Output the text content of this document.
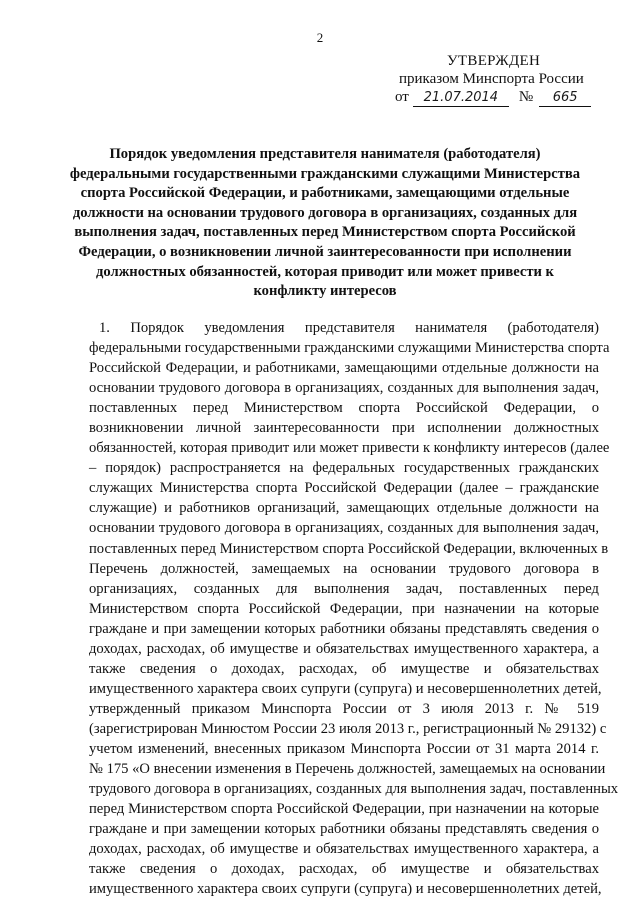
2
УТВЕРЖДЕН
приказом Минспорта России
от	21.07.2014	№	665
Порядок уведомления представителя нанимателя (работодателя)
федеральными государственными гражданскими служащими Министерства
спорта Российской Федерации, и работниками, замещающими отдельные
должности на основании трудового договора в организациях, созданных для
выполнения задач, поставленных перед Министерством спорта Российской
Федерации, о возникновении личной заинтересованности при исполнении
должностных обязанностей, которая приводит или может привести к
конфликту интересов
1. Порядок уведомления представителя нанимателя (работодателя)
федеральными государственными гражданскими служащими Министерства спорта
Российской Федерации, и работниками, замещающими отдельные должности на
основании трудового договора в организациях, созданных для выполнения задач,
поставленных перед Министерством спорта Российской Федерации, о
возникновении личной заинтересованности при исполнении должностных
обязанностей, которая приводит или может привести к конфликту интересов (далее
– порядок) распространяется на федеральных государственных гражданских
служащих Министерства спорта Российской Федерации (далее – гражданские
служащие) и работников организаций, замещающих отдельные должности на
основании трудового договора в организациях, созданных для выполнения задач,
поставленных перед Министерством спорта Российской Федерации, включенных в
Перечень должностей, замещаемых на основании трудового договора в
организациях, созданных для выполнения задач, поставленных перед
Министерством спорта Российской Федерации, при назначении на которые
граждане и при замещении которых работники обязаны представлять сведения о
доходах, расходах, об имуществе и обязательствах имущественного характера, а
также сведения о доходах, расходах, об имуществе и обязательствах
имущественного характера своих супруги (супруга) и несовершеннолетних детей,
утвержденный приказом Минспорта России от 3 июля 2013 г. № 519
(зарегистрирован Минюстом России 23 июля 2013 г., регистрационный № 29132) с
учетом изменений, внесенных приказом Минспорта России от 31 марта 2014 г.
№ 175 «О внесении изменения в Перечень должностей, замещаемых на основании
трудового договора в организациях, созданных для выполнения задач, поставленных
перед Министерством спорта Российской Федерации, при назначении на которые
граждане и при замещении которых работники обязаны представлять сведения о
доходах, расходах, об имуществе и обязательствах имущественного характера, а
также сведения о доходах, расходах, об имуществе и обязательствах
имущественного характера своих супруги (супруга) и несовершеннолетних детей,
